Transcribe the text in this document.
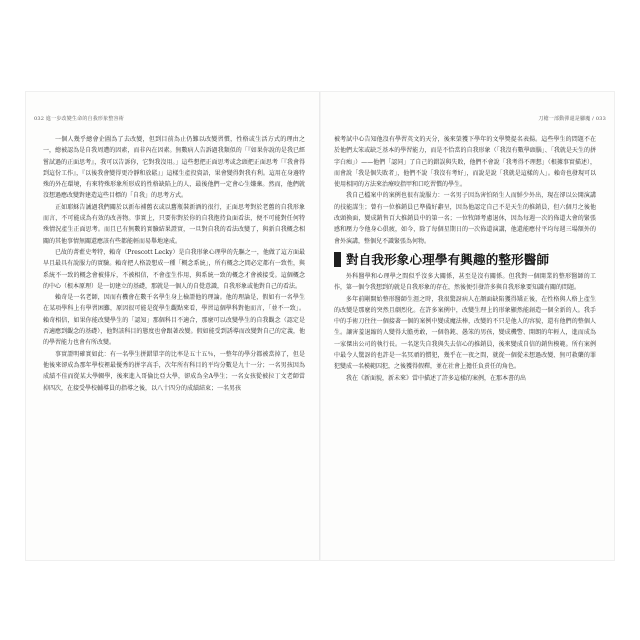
032 進一步改變生命的自我形象整容術	刀槍一部動彈還是腳魔 / 033

一個人幾乎總會企圖為了去改變，但到目前為止仍難以改變習慣，性格或生活方式的理由之一，總被認為是自我周遭的因素，而非內在因素。無數病人告訴過我類似的「『如果你說的是我已經嘗試過的正面思考』，我可以告訴你，它對我沒用。」這些想把正面思考或念頭把正面思考「『我會得到這份工作』，『以後我會變得更冷靜和放鬆』」這樣生產投資語，果會變得對我有利。這用在身邊特殊的外在環境，有來特殊形象所形成的性格缺陷上的人，最後他們一定會心生嫌棄。然而，他們就沒想過應改變對建造這些目標的「自我」的思考方式。

正如耶穌告誡過我們關於以新布補舊衣或以舊瓶裝新酒的很行，正面思考對於老舊的自我形象而言，不可能成為有效的改善物。事實上，只要你對於你的自我抱持負面看法，便不可能對任何特殊情況產生正面思考。而且已有無數的實驗結果證實，一旦對自我的看法改變了，與新自我概念相關的其他事情無關還應該有些都能輕而易舉地達成。

已故的菁藍史考特，賴奇（Prescott Lecky）是自我形象心理學的先驅之一，他做了這方面最早且最具有說服力的實驗。賴奇把人格設想成一種「概念系統」，所有概念之間必定都有一致性，與系統不一致的概念會被排斥，不被相信，不會產生作用，與系統一致的概念才會被接受。這個概念的中心（根本原理）是一切建立的基礎，那就是一個人的自覺意識，自我形象或他對自己的看法。

賴奇是一名老師，因而有機會在數千名學生身上檢證他的理論。他的理論是，假如有一名學生在某項學科上有學習困難，原因很可能是從學生觀點來看，學習這個學科對他而言，「並不一致」。賴奇相信，如果你能改變學生的「認知」那個科目不適合，那麼可以改變學生的自我觀念（認定是否適應到觀念的基礎），他對該科目的態度也會跟著改變。假如能受到誘導而改變對自己的定義，他的學習能力也會有所改變。

事實證明確實如此：有一名學生拼錯單字的比率是五十五％，一整年的學分都被當掉了，但是他後來卻成為那年學校裡最優秀的拼字高手，次年所有科目的平均分數是九十一分；一名男孩因為成績不佳而從某大學輟學，後來進入哥倫比亞大學，卻成為全A學生；一名女孩從被拉丁文老師當掉四次，在接受學校輔導員的指導之後，以八十四分的成績結束；一名男孩

被考試中心告知他沒有學習英文的天分，後來榮獲下學年的文學獎提名表揚。這些學生的問題不在於他們太笨或缺乏基本的學習能力，而是不恰當的自我形象（「我沒有數學頭腦」、「我就是天生的拼字白痴」）——他們「認同」了自己的錯誤與失敗，他們不會說「我考得不理想」（根據事實描述），而會說「我是個失敗者」，他們不說「我沒有考好」，而說是說「我就是這樣的人」。賴奇也發現可以使用相同的方法來治療咬指甲和口吃習慣的學生。

我自己檔案中的案例也很有說服力：一名男子因為害怕陌生人而鮮少外出，現在卻以公開演講的技能謀生；曾有一位推銷員已準備好辭呈，因為他認定自己不是天生的推銷員，但六個月之後他改頭換面，變成銷售百大推銷員中的第一名；一位牧師考慮退休，因為每週一次的佈道大會的緊張感和壓力令他身心俱疲，如今，除了每個星期日的一次佈道演講，他還能應付平均每週三場額外的會外演講，整個兒不識緊張為何物。

對自我形象心理學有興趣的整形醫師

外科醫學和心理學之間似乎沒多大關係，甚至是沒有關係。但我對一個開業的整形醫師的工作，第一個令我想到的就是自我形象的存在，然後便引發許多與自我形象要知識有關的問題。

多年前剛開始整形醫師生涯之時，我很驚訝病人在顏面缺陷獲得矯正後，在性格與人格上產生的改變是那麼的突然且劇烈化。在許多案例中，改變生理上的形象顯然能創造一個全新的人。我手中的手術刀往往一個接著一個的案例中變成魔法棒，改變的不只是他人的容貌，還有他們的整個人生。讓害羞退縮的人變得大膽勇敢，一個魯鈍、愚笨的男孩，變成機警、開朗的年輕人，進而成為一家傑出公司的執行長。一名迷失自我與失去信心的推銷員，後來變成自信的銷售模範。所有案例中最令人驚訝的也許是一名冥頑的慣犯，幾乎在一夜之間，就從一個從未想過改變、無可救藥的罪犯變成一名模範囚犯，之後獲得假釋，並在社會上擔任負責任的角色。

我在《新面貌，新未來》當中描述了許多這樣的案例，在那本書的出
